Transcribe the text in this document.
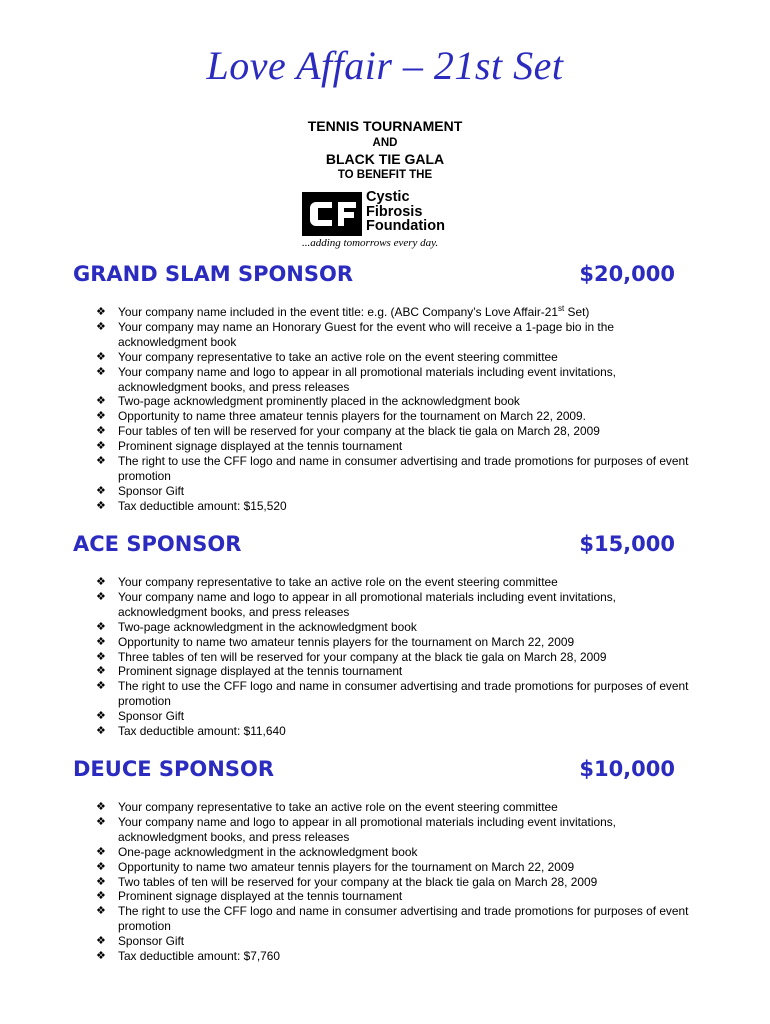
Love Affair – 21st Set
TENNIS TOURNAMENT
AND
BLACK TIE GALA
TO BENEFIT THE
Cystic
Fibrosis
Foundation
...adding tomorrows every day.
GRAND SLAM SPONSOR	$20,000
❖ Your company name included in the event title: e.g. (ABC Company’s Love Affair-21st Set)
❖ Your company may name an Honorary Guest for the event who will receive a 1-page bio in the acknowledgment book
❖ Your company representative to take an active role on the event steering committee
❖ Your company name and logo to appear in all promotional materials including event invitations, acknowledgment books, and press releases
❖ Two-page acknowledgment prominently placed in the acknowledgment book
❖ Opportunity to name three amateur tennis players for the tournament on March 22, 2009.
❖ Four tables of ten will be reserved for your company at the black tie gala on March 28, 2009
❖ Prominent signage displayed at the tennis tournament
❖ The right to use the CFF logo and name in consumer advertising and trade promotions for purposes of event promotion
❖ Sponsor Gift
❖ Tax deductible amount: $15,520
ACE SPONSOR	$15,000
❖ Your company representative to take an active role on the event steering committee
❖ Your company name and logo to appear in all promotional materials including event invitations, acknowledgment books, and press releases
❖ Two-page acknowledgment in the acknowledgment book
❖ Opportunity to name two amateur tennis players for the tournament on March 22, 2009
❖ Three tables of ten will be reserved for your company at the black tie gala on March 28, 2009
❖ Prominent signage displayed at the tennis tournament
❖ The right to use the CFF logo and name in consumer advertising and trade promotions for purposes of event promotion
❖ Sponsor Gift
❖ Tax deductible amount: $11,640
DEUCE SPONSOR	$10,000
❖ Your company representative to take an active role on the event steering committee
❖ Your company name and logo to appear in all promotional materials including event invitations, acknowledgment books, and press releases
❖ One-page acknowledgment in the acknowledgment book
❖ Opportunity to name two amateur tennis players for the tournament on March 22, 2009
❖ Two tables of ten will be reserved for your company at the black tie gala on March 28, 2009
❖ Prominent signage displayed at the tennis tournament
❖ The right to use the CFF logo and name in consumer advertising and trade promotions for purposes of event promotion
❖ Sponsor Gift
❖ Tax deductible amount: $7,760
